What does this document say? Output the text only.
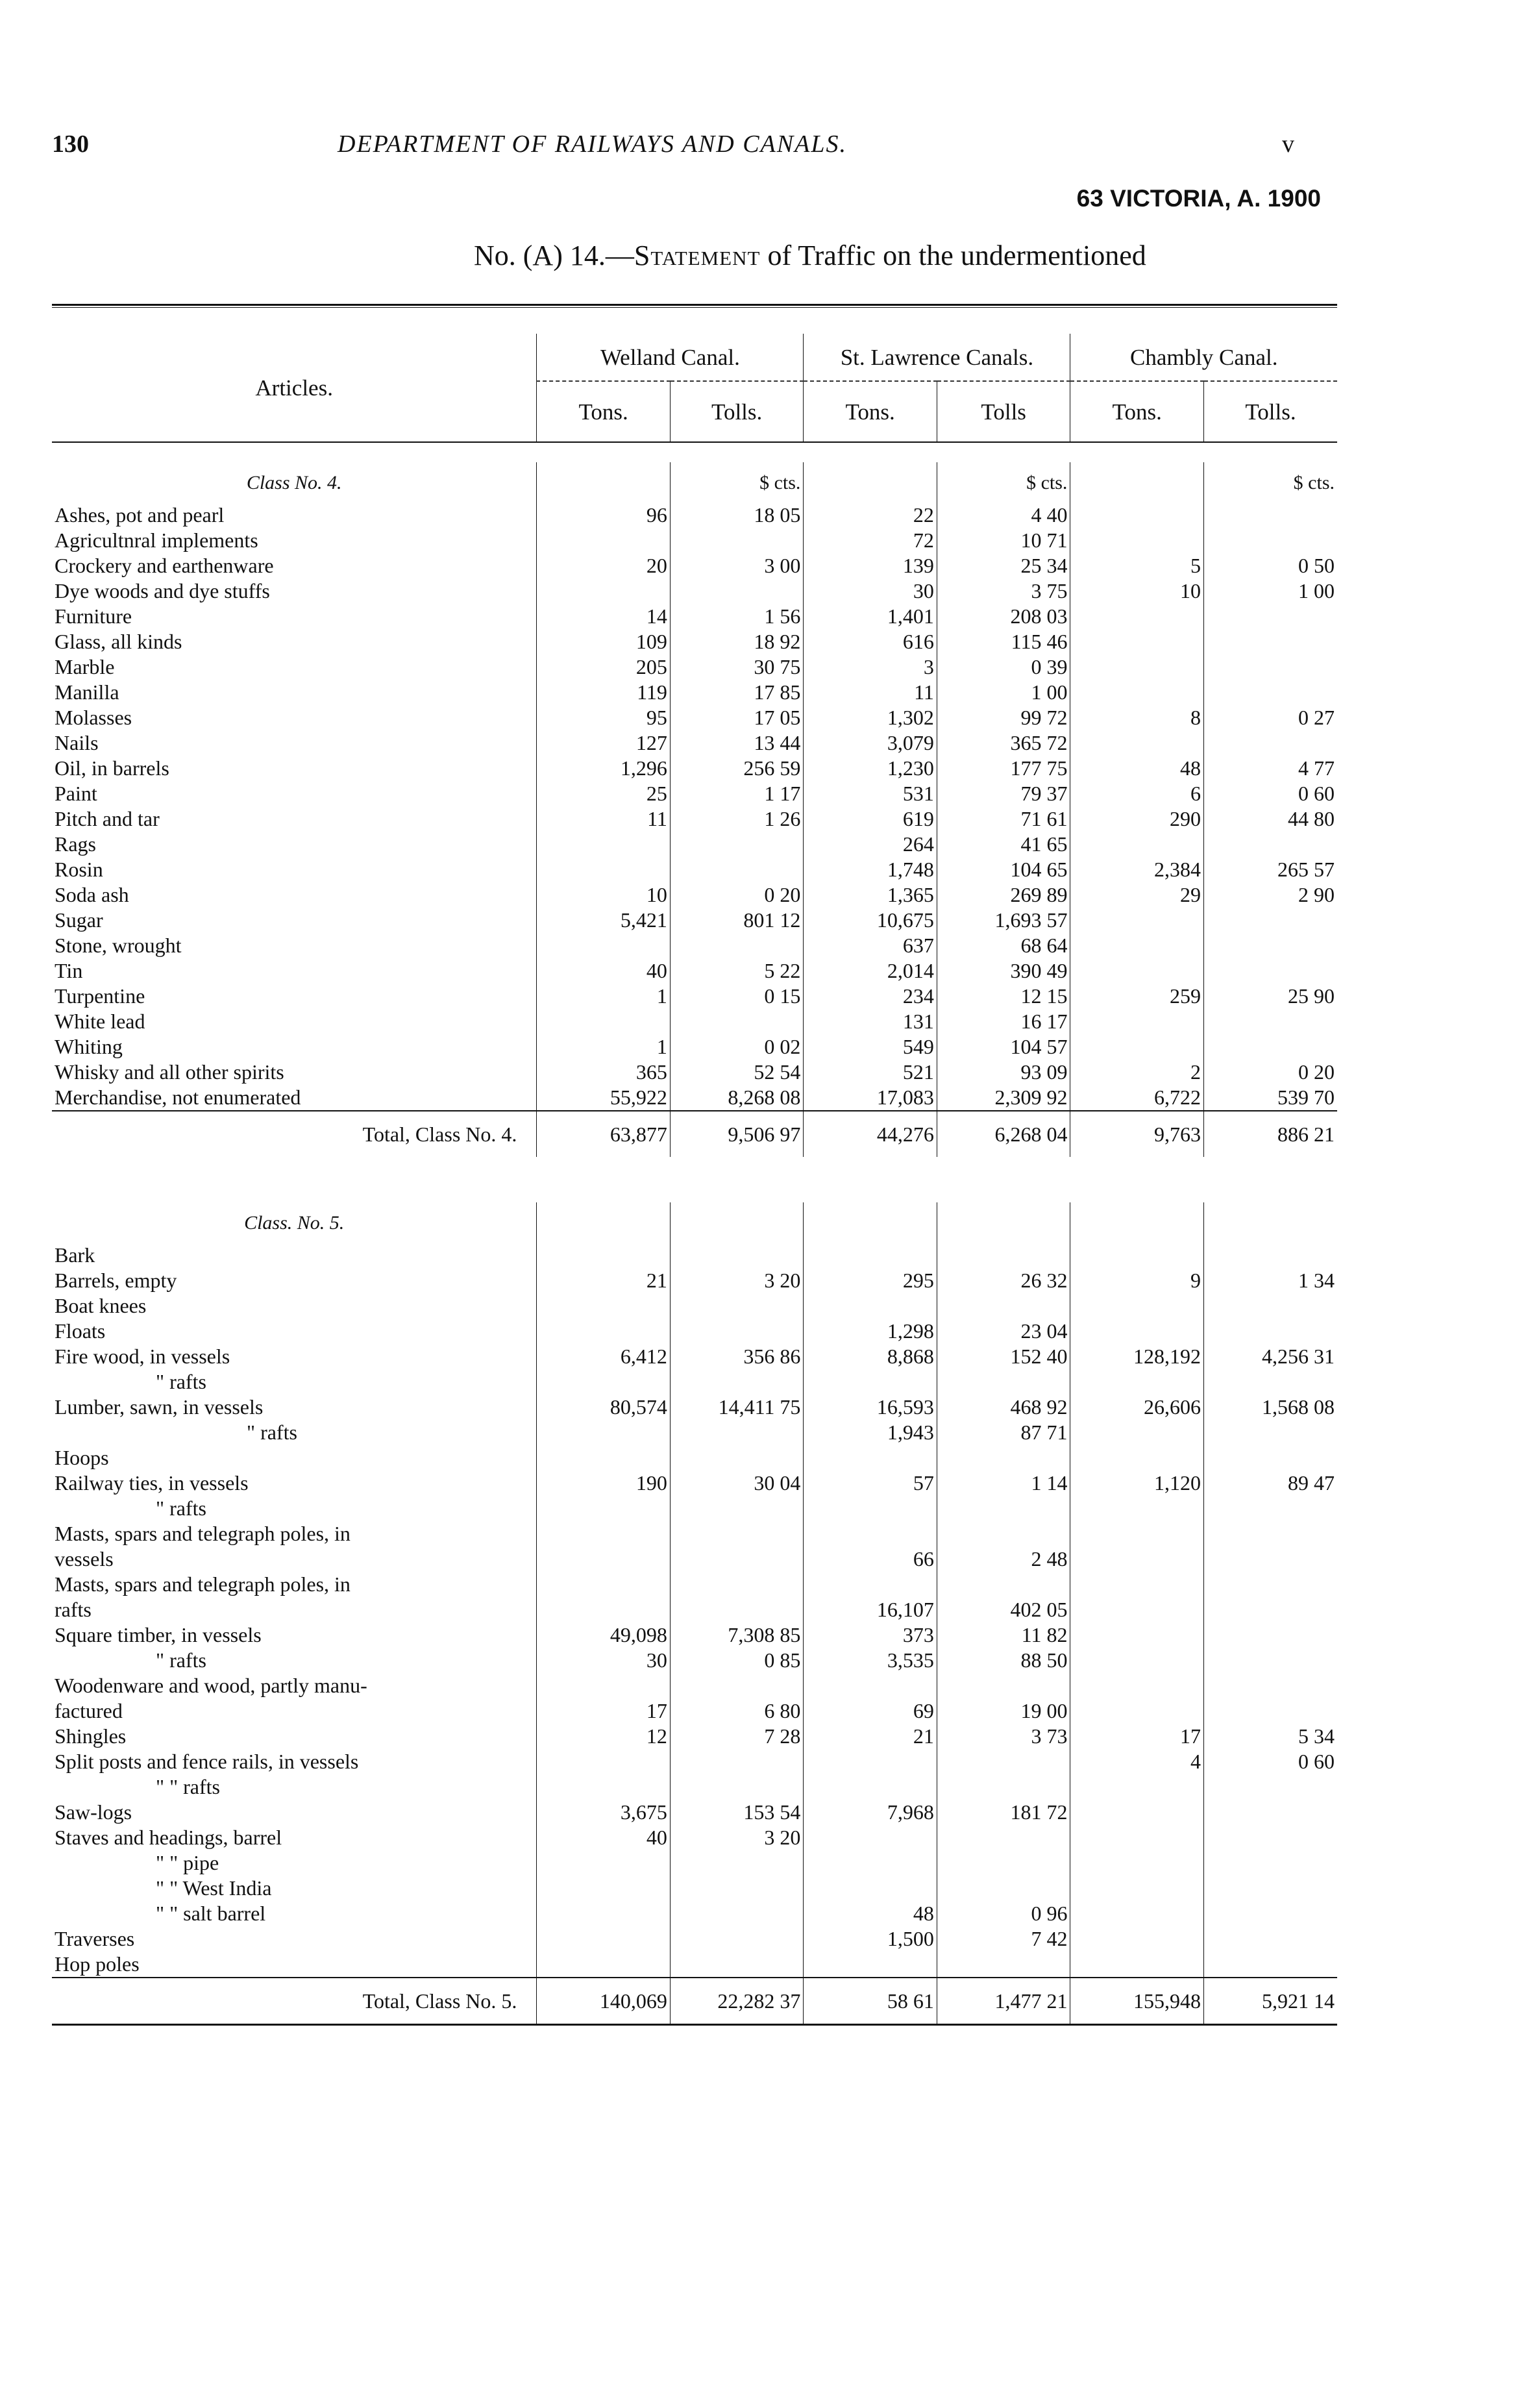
130	DEPARTMENT OF RAILWAYS AND CANALS.	v
63 VICTORIA, A. 1900
No. (A) 14.—Statement of Traffic on the undermentioned

Articles.	Welland Canal.		St. Lawrence Canals.		Chambly Canal.	
	Tons.	Tolls.	Tons.	Tolls	Tons.	Tolls.

Class No. 4.		$ cts.		$ cts.		$ cts.
Ashes, pot and pearl	96	18 05	22	4 40		
Agricultnral implements			72	10 71		
Crockery and earthenware	20	3 00	139	25 34	5	0 50
Dye woods and dye stuffs			30	3 75	10	1 00
Furniture	14	1 56	1,401	208 03		
Glass, all kinds	109	18 92	616	115 46		
Marble	205	30 75	3	0 39		
Manilla	119	17 85	11	1 00		
Molasses	95	17 05	1,302	99 72	8	0 27
Nails	127	13 44	3,079	365 72		
Oil, in barrels	1,296	256 59	1,230	177 75	48	4 77
Paint	25	1 17	531	79 37	6	0 60
Pitch and tar	11	1 26	619	71 61	290	44 80
Rags			264	41 65		
Rosin			1,748	104 65	2,384	265 57
Soda ash	10	0 20	1,365	269 89	29	2 90
Sugar	5,421	801 12	10,675	1,693 57		
Stone, wrought			637	68 64		
Tin	40	5 22	2,014	390 49		
Turpentine	1	0 15	234	12 15	259	25 90
White lead			131	16 17		
Whiting	1	0 02	549	104 57		
Whisky and all other spirits	365	52 54	521	93 09	2	0 20
Merchandise, not enumerated	55,922	8,268 08	17,083	2,309 92	6,722	539 70
Total, Class No. 4.	63,877	9,506 97	44,276	6,268 04	9,763	886 21

Class. No. 5.						
Bark						
Barrels, empty	21	3 20	295	26 32	9	1 34
Boat knees						
Floats			1,298	23 04		
Fire wood, in vessels	6,412	356 86	8,868	152 40	128,192	4,256 31
" rafts						
Lumber, sawn, in vessels	80,574	14,411 75	16,593	468 92	26,606	1,568 08
" rafts			1,943	87 71		
Hoops						
Railway ties, in vessels	190	30 04	57	1 14	1,120	89 47
" rafts						
Masts, spars and telegraph poles, in						
vessels			66	2 48		
Masts, spars and telegraph poles, in						
rafts			16,107	402 05		
Square timber, in vessels	49,098	7,308 85	373	11 82		
" rafts	30	0 85	3,535	88 50		
Woodenware and wood, partly manu-						
factured	17	6 80	69	19 00		
Shingles	12	7 28	21	3 73	17	5 34
Split posts and fence rails, in vessels					4	0 60
" " rafts						
Saw-logs	3,675	153 54	7,968	181 72		
Staves and headings, barrel	40	3 20				
" " pipe						
" " West India						
" " salt barrel			48	0 96		
Traverses			1,500	7 42		
Hop poles						
Total, Class No. 5.	140,069	22,282 37	58 61	1,477 21	155,948	5,921 14
